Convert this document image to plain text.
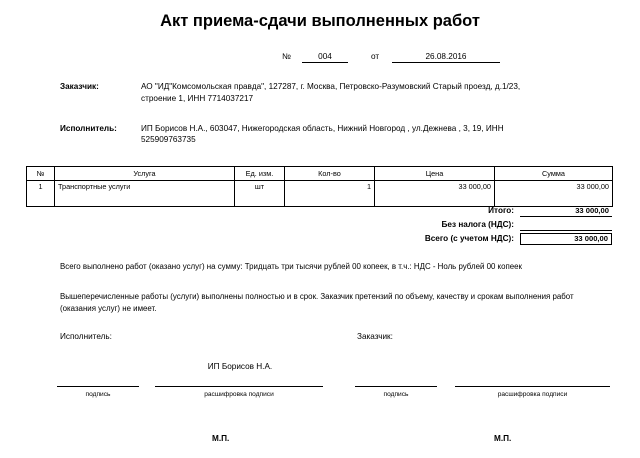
Акт приема-сдачи выполненных работ
№	004	от	26.08.2016
Заказчик:	АО "ИД"Комсомольская правда", 127287, г. Москва, Петровско-Разумовский Старый проезд, д.1/23,
строение 1, ИНН 7714037217
Исполнитель:	ИП Борисов Н.А., 603047, Нижегородская область, Нижний Новгород , ул.Дежнева , 3, 19, ИНН
525909763735
№	Услуга	Ед. изм.	Кол-во	Цена	Сумма
1	Транспортные услуги	шт	1	33 000,00	33 000,00
Итого:	33 000,00
Без налога (НДС):
Всего (с учетом НДС):	33 000,00
Всего выполнено работ (оказано услуг) на сумму: Тридцать три тысячи рублей 00 копеек, в т.ч.: НДС - Ноль рублей 00 копеек
Вышеперечисленные работы (услуги) выполнены полностью и в срок. Заказчик претензий по объему, качеству и срокам выполнения работ (оказания услуг) не имеет.
Исполнитель:	Заказчик:
ИП Борисов Н.А.
подпись	расшифровка подписи	подпись	расшифровка подписи
М.П.	М.П.
